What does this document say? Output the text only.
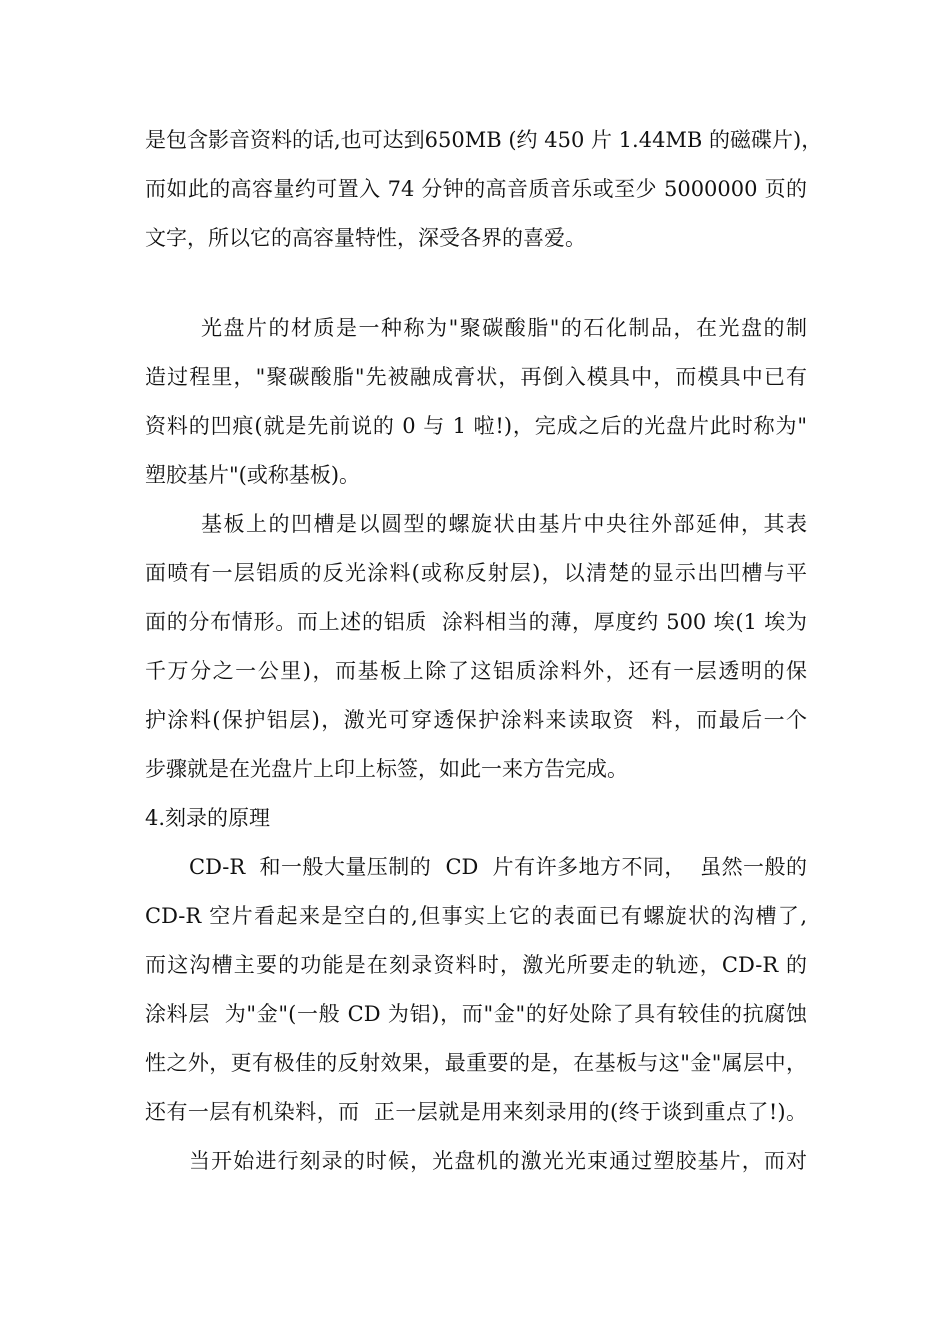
是包含影音资料的话,也可达到650MB (约 450 片 1.44MB 的磁碟片)，
而如此的高容量约可置入 74 分钟的高音质音乐或至少 5000000 页的
文字，所以它的高容量特性，深受各界的喜爱。
光盘片的材质是一种称为"聚碳酸脂"的石化制品，在光盘的制
造过程里，"聚碳酸脂"先被融成膏状，再倒入模具中，而模具中已有
资料的凹痕(就是先前说的 0 与 1 啦!)，完成之后的光盘片此时称为"
塑胶基片"(或称基板)。
基板上的凹槽是以圆型的螺旋状由基片中央往外部延伸，其表
面喷有一层铝质的反光涂料(或称反射层)，以清楚的显示出凹槽与平
面的分布情形。而上述的铝质  涂料相当的薄，厚度约 500 埃(1 埃为
千万分之一公里)，而基板上除了这铝质涂料外，还有一层透明的保
护涂料(保护铝层)，激光可穿透保护涂料来读取资  料，而最后一个
步骤就是在光盘片上印上标签，如此一来方告完成。
4.刻录的原理
CD-R  和一般大量压制的  CD  片有许多地方不同，  虽然一般的
CD-R 空片看起来是空白的,但事实上它的表面已有螺旋状的沟槽了,
而这沟槽主要的功能是在刻录资料时，激光所要走的轨迹，CD-R 的
涂料层  为"金"(一般 CD 为铝)，而"金"的好处除了具有较佳的抗腐蚀
性之外，更有极佳的反射效果，最重要的是，在基板与这"金"属层中，
还有一层有机染料，而  正一层就是用来刻录用的(终于谈到重点了!)。
当开始进行刻录的时候，光盘机的激光光束通过塑胶基片，而对
